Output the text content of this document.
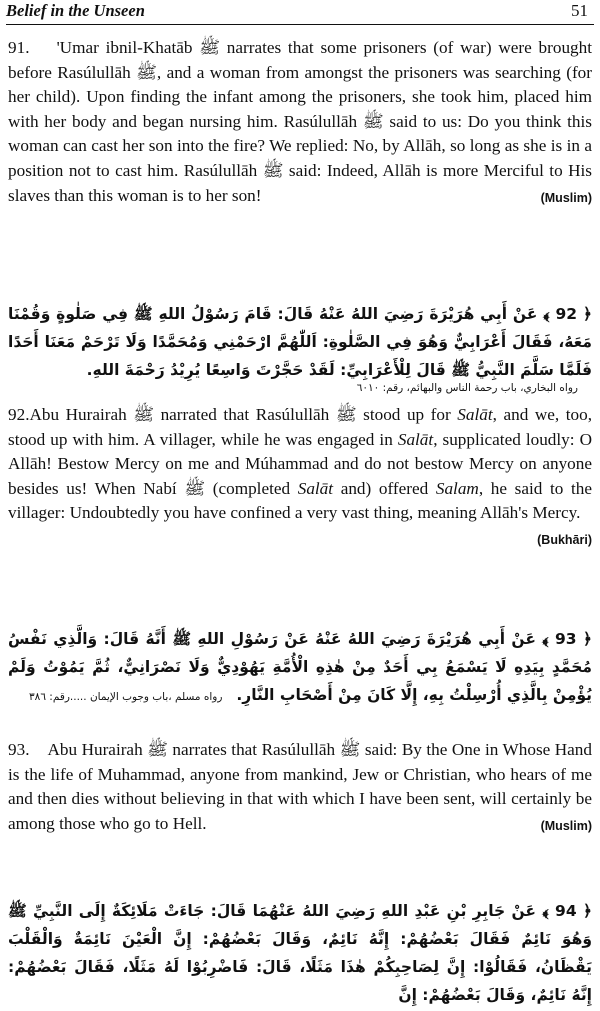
Belief in the Unseen	51

91. 'Umar ibnil-Khatāb ﷺ narrates that some prisoners (of war) were brought before Rasúlullāh ﷺ, and a woman from amongst the prisoners was searching (for her child). Upon finding the infant among the prisoners, she took him, placed him with her body and began nursing him. Rasúlullāh ﷺ said to us: Do you think this woman can cast her son into the fire? We replied: No, by Allāh, so long as she is in a position not to cast him. Rasúlullāh ﷺ said: Indeed, Allāh is more Merciful to His slaves than this woman is to her son!	(Muslim)

﴿ 92 ﴾ عَنْ أَبِي هُرَيْرَةَ رَضِيَ اللهُ عَنْهُ قَالَ: قَامَ رَسُوْلُ اللهِ ﷺ فِي صَلٰوةٍ وَقُمْنَا مَعَهُ، فَقَالَ أَعْرَابِيٌّ وَهُوَ فِي الصَّلٰوةِ: اَللّٰهُمَّ ارْحَمْنِي وَمُحَمَّدًا وَلَا تَرْحَمْ مَعَنَا أَحَدًا فَلَمَّا سَلَّمَ النَّبِيُّ ﷺ قَالَ لِلْأَعْرَابِيِّ: لَقَدْ حَجَّرْتَ وَاسِعًا يُرِيْدُ رَحْمَةَ اللهِ.

رواه البخاري، باب رحمة الناس والبهائم، رقم: ٦٠١٠

92.Abu Hurairah ﷺ narrated that Rasúlullāh ﷺ stood up for Salāt, and we, too, stood up with him. A villager, while he was engaged in Salāt, supplicated loudly: O Allāh! Bestow Mercy on me and Múhammad and do not bestow Mercy on anyone besides us! When Nabí ﷺ (completed Salāt and) offered Salam, he said to the villager: Undoubtedly you have confined a very vast thing, meaning Allāh's Mercy.
(Bukhāri)

﴿ 93 ﴾ عَنْ أَبِي هُرَيْرَةَ رَضِيَ اللهُ عَنْهُ عَنْ رَسُوْلِ اللهِ ﷺ أَنَّهُ قَالَ: وَالَّذِي نَفْسُ مُحَمَّدٍ بِيَدِهِ لَا يَسْمَعُ بِي أَحَدٌ مِنْ هٰذِهِ الْأُمَّةِ يَهُوْدِيٌّ وَلَا نَصْرَانِيٌّ، ثُمَّ يَمُوْتُ وَلَمْ يُؤْمِنْ بِالَّذِي أُرْسِلْتُ بِهِ، إِلَّا كَانَ مِنْ أَصْحَابِ النَّارِ.رواه مسلم ،باب وجوب الإيمان .....رقم: ٣٨٦

93. Abu Hurairah ﷺ narrates that Rasúlullāh ﷺ said: By the One in Whose Hand is the life of Muhammad, anyone from mankind, Jew or Christian, who hears of me and then dies without believing in that with which I have been sent, will certainly be among those who go to Hell.	(Muslim)

﴿ 94 ﴾ عَنْ جَابِرِ بْنِ عَبْدِ اللهِ رَضِيَ اللهُ عَنْهُمَا قَالَ: جَاءَتْ مَلَائِكَةٌ إِلَى النَّبِيِّ ﷺ وَهُوَ نَائِمٌ فَقَالَ بَعْضُهُمْ: إِنَّهُ نَائِمٌ، وَقَالَ بَعْضُهُمْ: إِنَّ الْعَيْنَ نَائِمَةٌ وَالْقَلْبَ يَقْظَانُ، فَقَالُوْا: إِنَّ لِصَاحِبِكُمْ هٰذَا مَثَلًا، قَالَ: فَاضْرِبُوْا لَهُ مَثَلًا، فَقَالَ بَعْضُهُمْ: إِنَّهُ نَائِمٌ، وَقَالَ بَعْضُهُمْ: إِنَّ
